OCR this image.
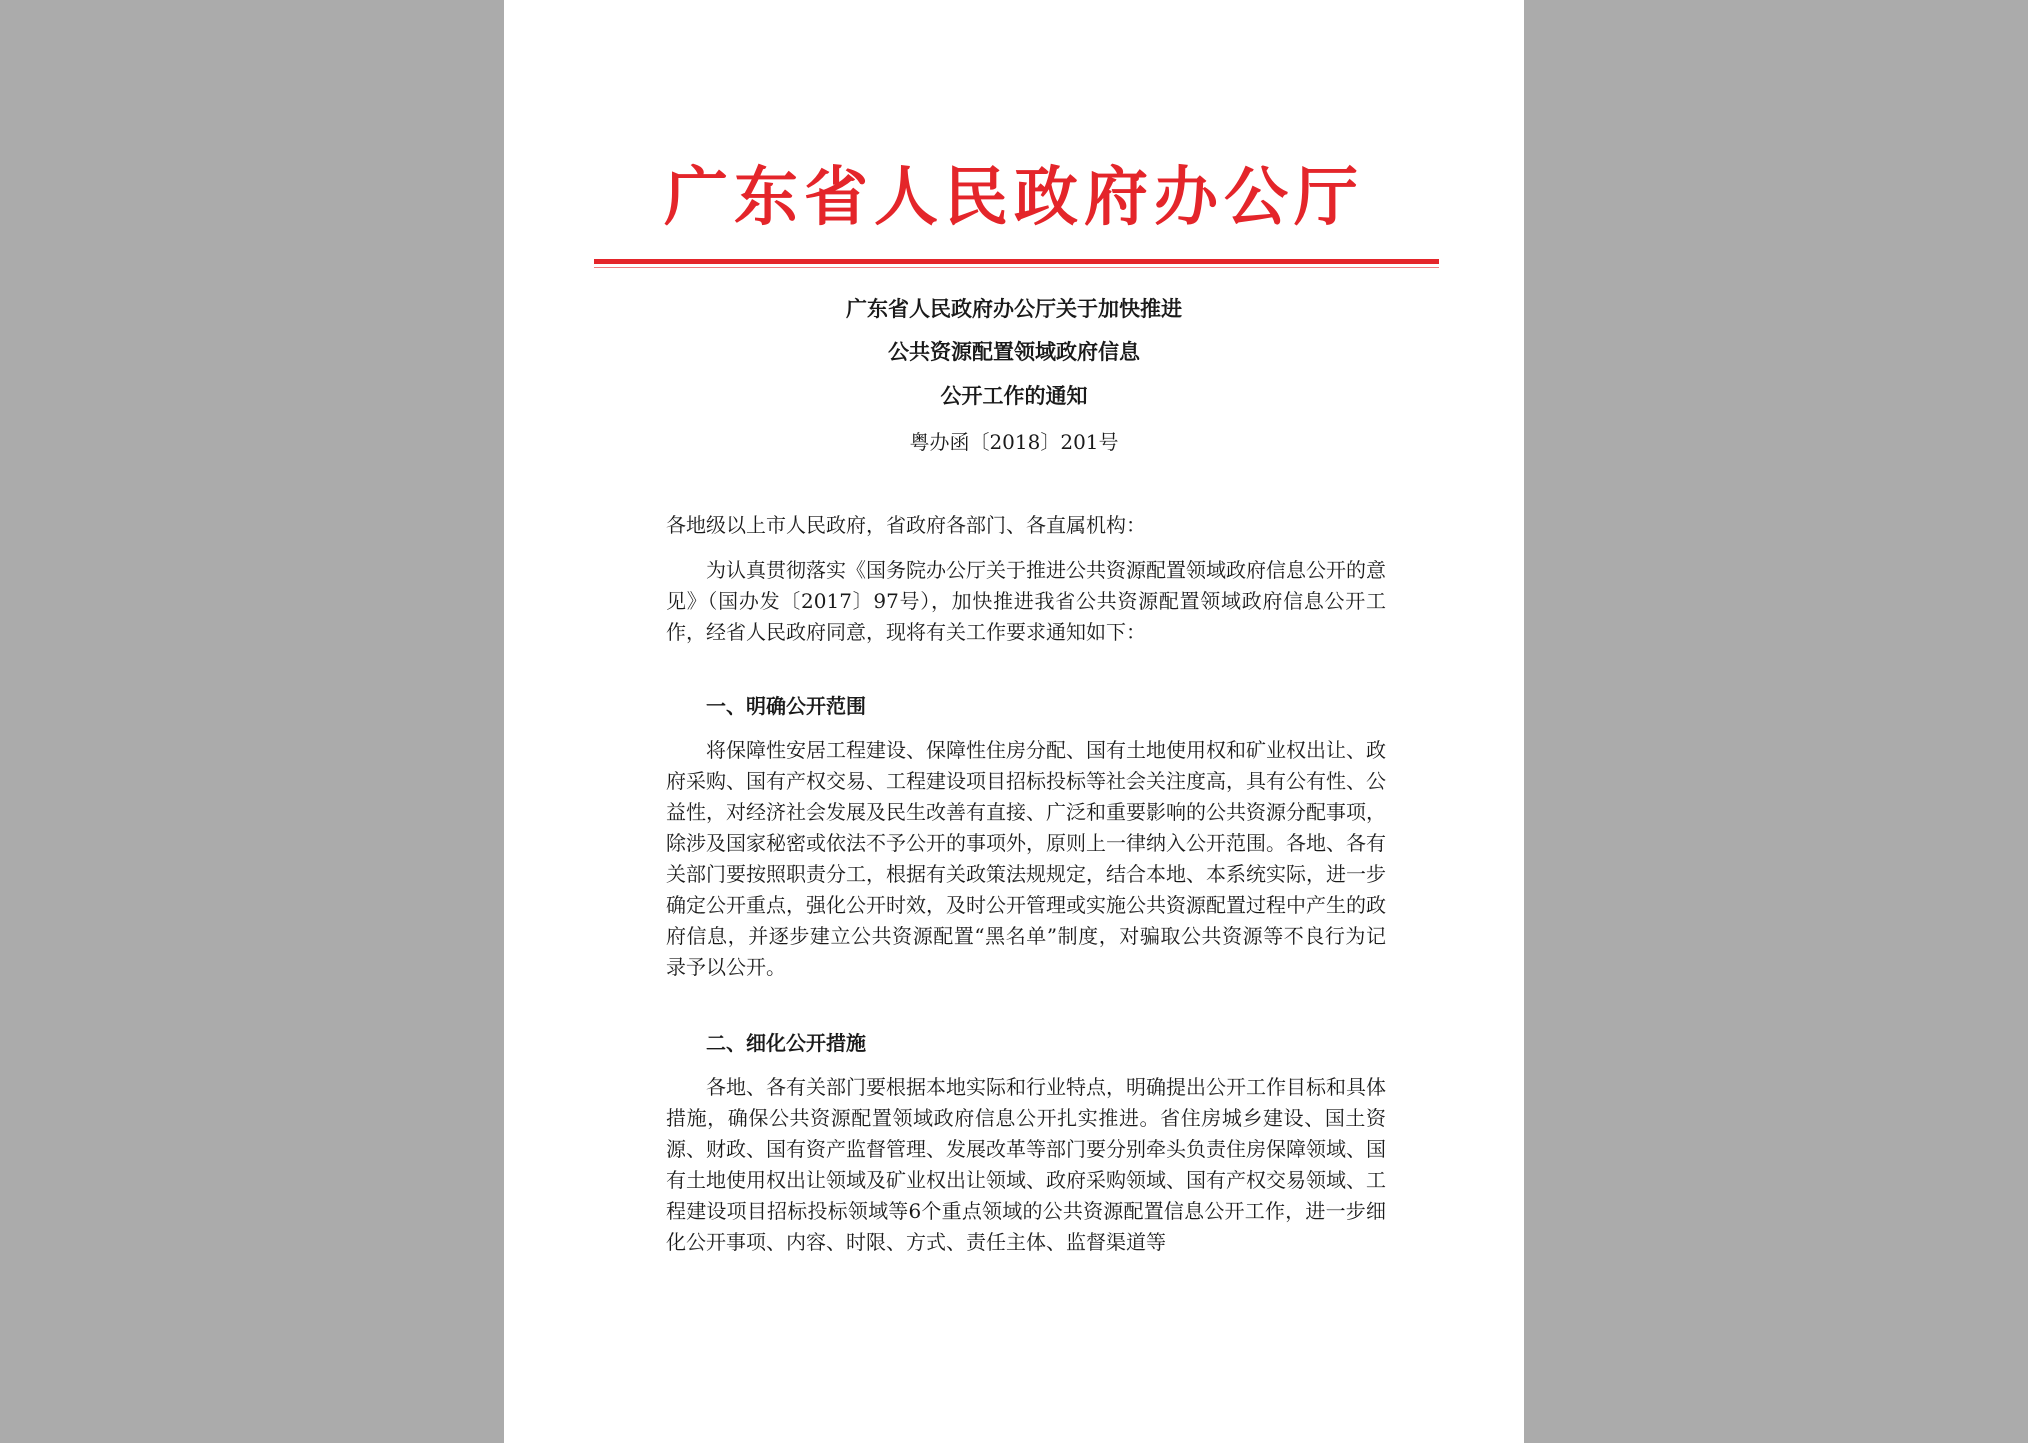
广东省人民政府办公厅
广东省人民政府办公厅关于加快推进
公共资源配置领域政府信息
公开工作的通知
粤办函〔2018〕201号
各地级以上市人民政府，省政府各部门、各直属机构：
为认真贯彻落实《国务院办公厅关于推进公共资源配置领域政府信息公开的意见》（国办发〔2017〕97号），加快推进我省公共资源配置领域政府信息公开工作，经省人民政府同意，现将有关工作要求通知如下：
一、明确公开范围
将保障性安居工程建设、保障性住房分配、国有土地使用权和矿业权出让、政府采购、国有产权交易、工程建设项目招标投标等社会关注度高，具有公有性、公益性，对经济社会发展及民生改善有直接、广泛和重要影响的公共资源分配事项，除涉及国家秘密或依法不予公开的事项外，原则上一律纳入公开范围。各地、各有关部门要按照职责分工，根据有关政策法规规定，结合本地、本系统实际，进一步确定公开重点，强化公开时效，及时公开管理或实施公共资源配置过程中产生的政府信息，并逐步建立公共资源配置“黑名单”制度，对骗取公共资源等不良行为记录予以公开。
二、细化公开措施
各地、各有关部门要根据本地实际和行业特点，明确提出公开工作目标和具体措施，确保公共资源配置领域政府信息公开扎实推进。省住房城乡建设、国土资源、财政、国有资产监督管理、发展改革等部门要分别牵头负责住房保障领域、国有土地使用权出让领域及矿业权出让领域、政府采购领域、国有产权交易领域、工程建设项目招标投标领域等6个重点领域的公共资源配置信息公开工作，进一步细化公开事项、内容、时限、方式、责任主体、监督渠道等
